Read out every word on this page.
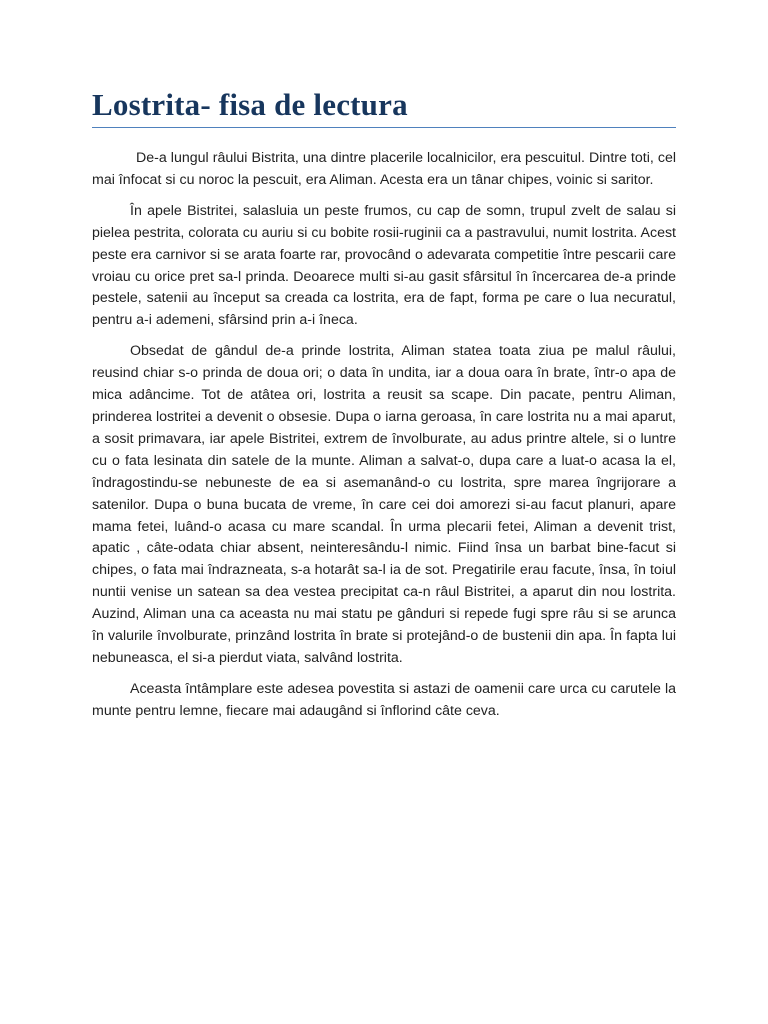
Lostrita- fisa de lectura

De-a lungul râului Bistrita, una dintre placerile localnicilor, era pescuitul. Dintre toti, cel mai înfocat si cu noroc la pescuit, era Aliman. Acesta era un tânar chipes, voinic si saritor.

În apele Bistritei, salasluia un peste frumos, cu cap de somn, trupul zvelt de salau si pielea pestrita, colorata cu auriu si cu bobite rosii-ruginii ca a pastravului, numit lostrita. Acest peste era carnivor si se arata foarte rar, provocând o adevarata competitie între pescarii care vroiau cu orice pret sa-l prinda. Deoarece multi si-au gasit sfârsitul în încercarea de-a prinde pestele, satenii au început sa creada ca lostrita, era de fapt, forma pe care o lua necuratul, pentru a-i ademeni, sfârsind prin a-i îneca.

Obsedat de gândul de-a prinde lostrita, Aliman statea toata ziua pe malul râului, reusind chiar s-o prinda de doua ori; o data în undita, iar a doua oara în brate, într-o apa de mica adâncime. Tot de atâtea ori, lostrita a reusit sa scape. Din pacate, pentru Aliman, prinderea lostritei a devenit o obsesie. Dupa o iarna geroasa, în care lostrita nu a mai aparut, a sosit primavara, iar apele Bistritei, extrem de învolburate, au adus printre altele, si o luntre cu o fata lesinata din satele de la munte. Aliman a salvat-o, dupa care a luat-o acasa la el, îndragostindu-se nebuneste de ea si asemanând-o cu lostrita, spre marea îngrijorare a satenilor. Dupa o buna bucata de vreme, în care cei doi amorezi si-au facut planuri, apare mama fetei, luând-o acasa cu mare scandal. În urma plecarii fetei, Aliman a devenit trist, apatic , câte-odata chiar absent, neinteresându-l nimic. Fiind însa un barbat bine-facut si chipes, o fata mai îndrazneata, s-a hotarât sa-l ia de sot. Pregatirile erau facute, însa, în toiul nuntii venise un satean sa dea vestea precipitat ca-n râul Bistritei, a aparut din nou lostrita. Auzind, Aliman una ca aceasta nu mai statu pe gânduri si repede fugi spre râu si se arunca în valurile învolburate, prinzând lostrita în brate si protejând-o de bustenii din apa. În fapta lui nebuneasca, el si-a pierdut viata, salvând lostrita.

Aceasta întâmplare este adesea povestita si astazi de oamenii care urca cu carutele la munte pentru lemne, fiecare mai adaugând si înflorind câte ceva.
